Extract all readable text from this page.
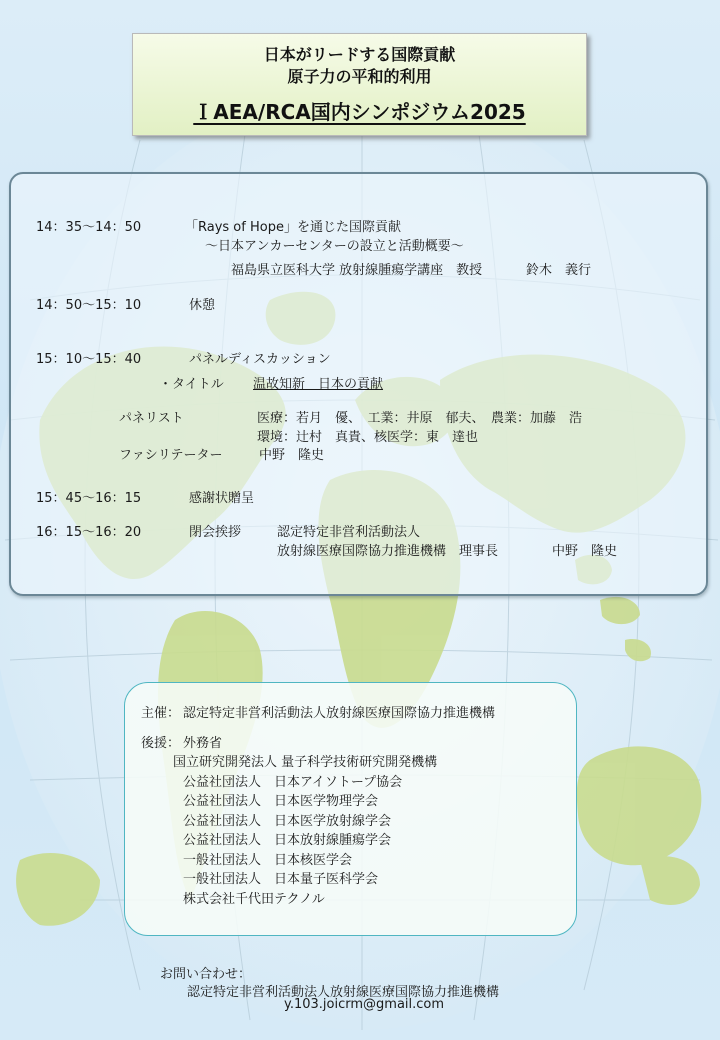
日本がリードする国際貢献
原子力の平和的利用
ＩAEA/RCA国内シンポジウム2025
14：35～14：50	「Rays of Hope」を通じた国際貢献
～日本アンカーセンターの設立と活動概要～
福島県立医科大学 放射線腫瘍学講座　教授	鈴木　義行
14：50～15：10	休憩
15：10～15：40	パネルディスカッション
・タイトル 温故知新　日本の貢献
パネリスト	医療：若月　優、　工業：井原　郁夫、　農業：加藤　浩
環境：辻村　真貴、核医学：東　達也
ファシリテーター	中野　隆史
15：45～16：15	感謝状贈呈
16：15～16：20	閉会挨拶	認定特定非営利活動法人
放射線医療国際協力推進機構　理事長	中野　隆史
主催： 認定特定非営利活動法人放射線医療国際協力推進機構
後援： 外務省
国立研究開発法人 量子科学技術研究開発機構
公益社団法人　日本アイソトープ協会
公益社団法人　日本医学物理学会
公益社団法人　日本医学放射線学会
公益社団法人　日本放射線腫瘍学会
一般社団法人　日本核医学会
一般社団法人　日本量子医科学会
株式会社千代田テクノル
お問い合わせ：
認定特定非営利活動法人放射線医療国際協力推進機構
y.103.joicrm@gmail.com
